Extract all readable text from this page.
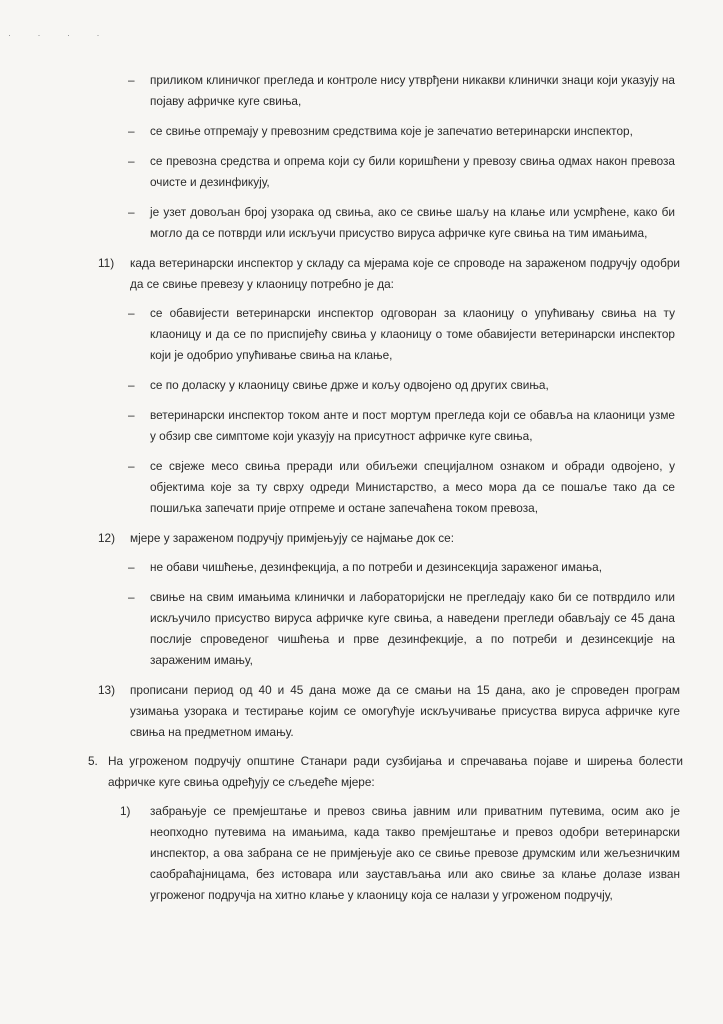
· · · ·
– приликом клиничког прегледа и контроле нису утврђени никакви клинички знаци који указују на појаву афричке куге свиња,
– се свиње отпремају у превозним средствима које је запечатио ветеринарски инспектор,
– се превозна средства и опрема који су били коришћени у превозу свиња одмах након превоза очисте и дезинфикују,
– је узет довољан број узорака од свиња, ако се свиње шаљу на клање или усмрћене, како би могло да се потврди или искључи присуство вируса афричке куге свиња на тим имањима,
11) када ветеринарски инспектор у складу са мјерама које се спроводе на зараженом подручју одобри да се свиње превезу у клаоницу потребно је да:
– се обавијести ветеринарски инспектор одговоран за клаоницу о упућивању свиња на ту клаоницу и да се по приспијећу свиња у клаоницу о томе обавијести ветеринарски инспектор који је одобрио упућивање свиња на клање,
– се по доласку у клаоницу свиње држе и кољу одвојено од других свиња,
– ветеринарски инспектор током анте и пост мортум прегледа који се обавља на клаоници узме у обзир све симптоме који указују на присутност афричке куге свиња,
– се свјеже месо свиња преради или обиљежи специјалном ознаком и обради одвојено, у објектима које за ту сврху одреди Министарство, а месо мора да се пошаље тако да се пошиљка запечати прије отпреме и остане запечаћена током превоза,
12) мјере у зараженом подручју примјењују се најмање док се:
– не обави чишћење, дезинфекција, а по потреби и дезинсекција зараженог имања,
– свиње на свим имањима клинички и лабораторијски не прегледају како би се потврдило или искључило присуство вируса афричке куге свиња, а наведени прегледи обављају се 45 дана послије спроведеног чишћења и прве дезинфекције, а по потреби и дезинсекције на зараженим имању,
13) прописани период од 40 и 45 дана може да се смањи на 15 дана, ако је спроведен програм узимања узорака и тестирање којим се омогућује искључивање присуства вируса афричке куге свиња на предметном имању.
5. На угроженом подручју општине Станари ради сузбијања и спречавања појаве и ширења болести афричке куге свиња одређују се сљедеће мјере:
1) забрањује се премјештање и превоз свиња јавним или приватним путевима, осим ако је неопходно путевима на имањима, када такво премјештање и превоз одобри ветеринарски инспектор, а ова забрана се не примјењује ако се свиње превозе друмским или жељезничким саобраћајницама, без истовара или заустављања или ако свиње за клање долазе изван угроженог подручја на хитно клање у клаоницу која се налази у угроженом подручју,
